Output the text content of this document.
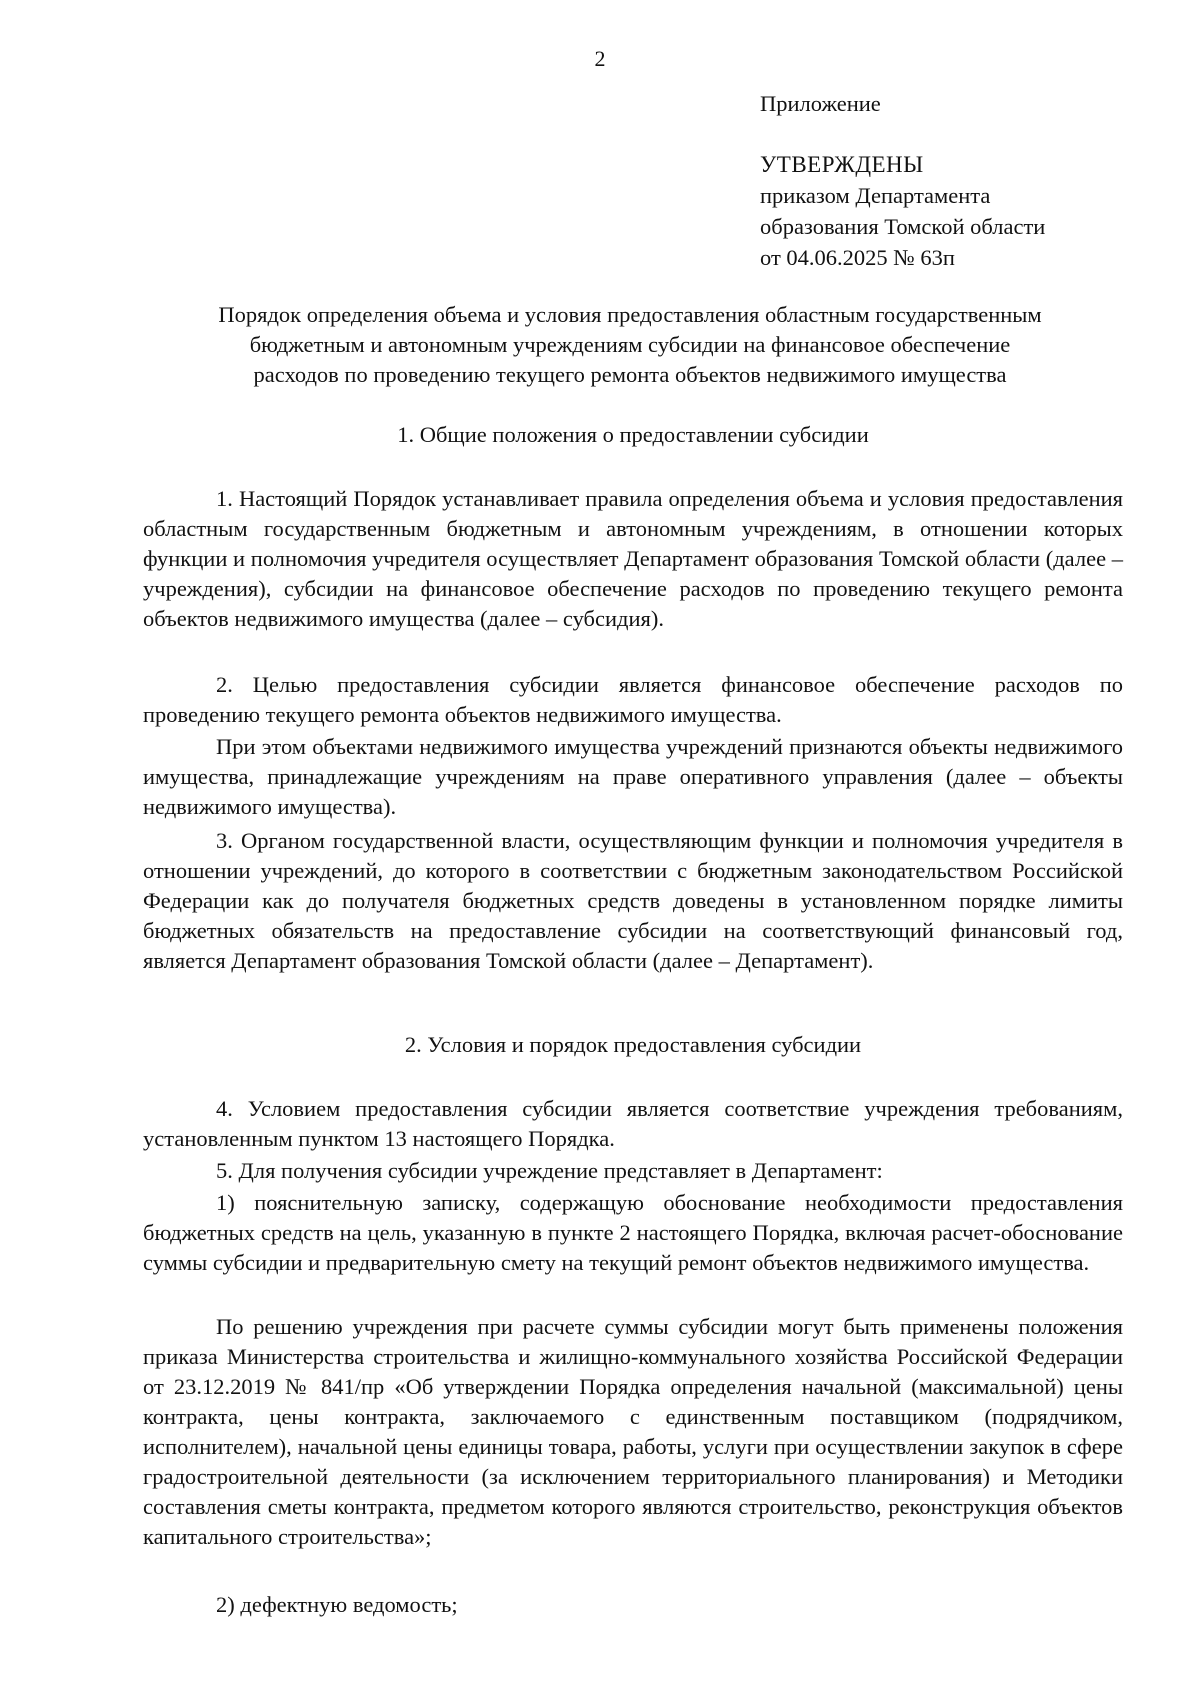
2
Приложение
УТВЕРЖДЕНЫ
приказом Департамента
образования Томской области
от 04.06.2025 № 63п
Порядок определения объема и условия предоставления областным государственным
бюджетным и автономным учреждениям субсидии на финансовое обеспечение
расходов по проведению текущего ремонта объектов недвижимого имущества
1. Общие положения о предоставлении субсидии

1. Настоящий Порядок устанавливает правила определения объема и условия предоставления областным государственным бюджетным и автономным учреждениям, в отношении которых функции и полномочия учредителя осуществляет Департамент образования Томской области (далее – учреждения), субсидии на финансовое обеспечение расходов по проведению текущего ремонта объектов недвижимого имущества (далее – субсидия).

2. Целью предоставления субсидии является финансовое обеспечение расходов по проведению текущего ремонта объектов недвижимого имущества.

При этом объектами недвижимого имущества учреждений признаются объекты недвижимого имущества, принадлежащие учреждениям на праве оперативного управления (далее – объекты недвижимого имущества).

3. Органом государственной власти, осуществляющим функции и полномочия учредителя в отношении учреждений, до которого в соответствии с бюджетным законодательством Российской Федерации как до получателя бюджетных средств доведены в установленном порядке лимиты бюджетных обязательств на предоставление субсидии на соответствующий финансовый год, является Департамент образования Томской области (далее – Департамент).

2. Условия и порядок предоставления субсидии

4. Условием предоставления субсидии является соответствие учреждения требованиям, установленным пунктом 13 настоящего Порядка.

5. Для получения субсидии учреждение представляет в Департамент:

1) пояснительную записку, содержащую обоснование необходимости предоставления бюджетных средств на цель, указанную в пункте 2 настоящего Порядка, включая расчет-обоснование суммы субсидии и предварительную смету на текущий ремонт объектов недвижимого имущества.

По решению учреждения при расчете суммы субсидии могут быть применены положения приказа Министерства строительства и жилищно-коммунального хозяйства Российской Федерации от 23.12.2019 № 841/пр «Об утверждении Порядка определения начальной (максимальной) цены контракта, цены контракта, заключаемого с единственным поставщиком (подрядчиком, исполнителем), начальной цены единицы товара, работы, услуги при осуществлении закупок в сфере градостроительной деятельности (за исключением территориального планирования) и Методики составления сметы контракта, предметом которого являются строительство, реконструкция объектов капитального строительства»;

2) дефектную ведомость;
